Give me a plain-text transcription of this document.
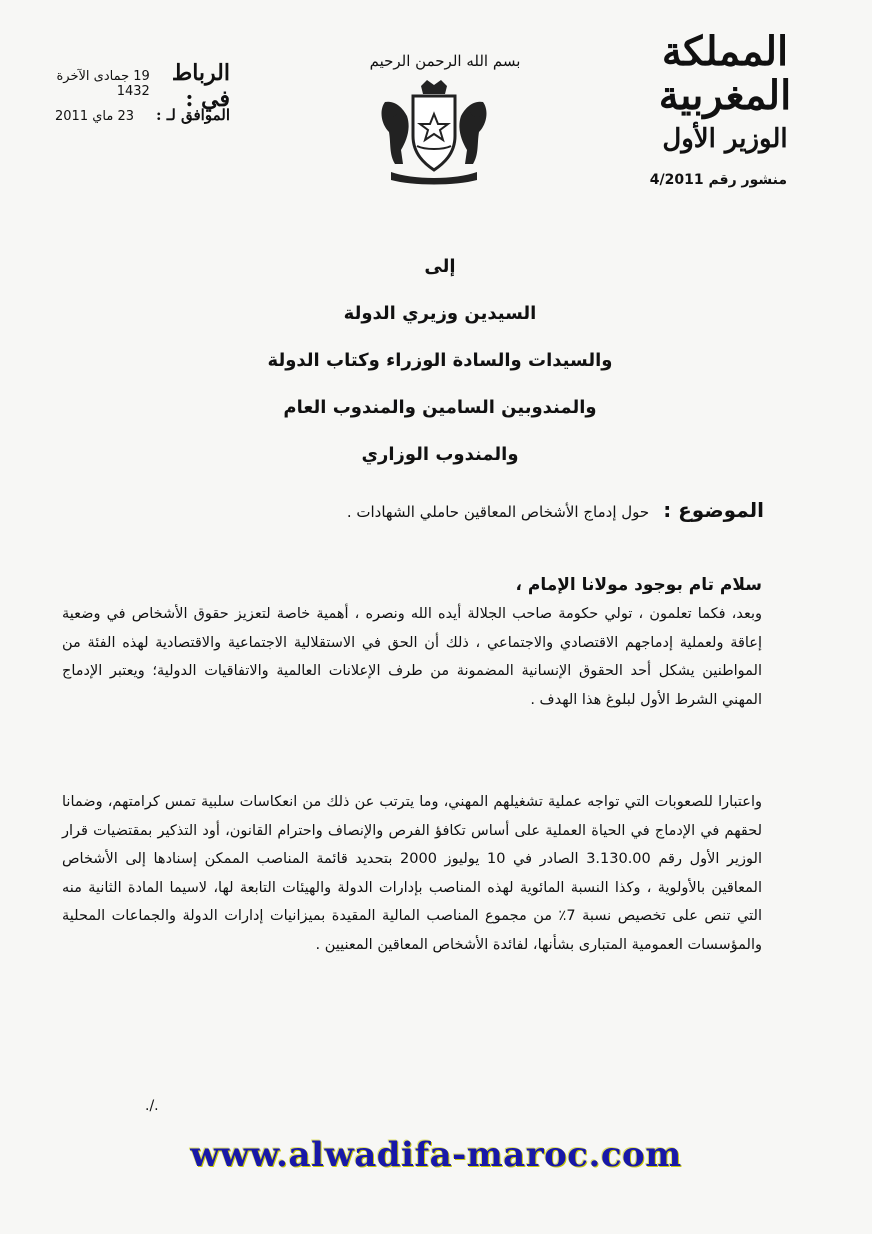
المملكة المغربية
الوزير الأول
بسم الله الرحمن الرحيم
الرباط في :
19 جمادى الآخرة 1432
الموافق لـ :
23 ماي 2011
منشور رقم 4/2011
إلى
السيدين وزيري الدولة
والسيدات والسادة الوزراء وكتاب الدولة
والمندوبين السامين والمندوب العام
والمندوب الوزاري
الموضوع :
حول إدماج الأشخاص المعاقين حاملي الشهادات .
سلام تام بوجود مولانا الإمام ،
وبعد، فكما تعلمون ، تولي حكومة صاحب الجلالة أيده الله ونصره ، أهمية خاصة لتعزيز حقوق الأشخاص في وضعية إعاقة ولعملية إدماجهم الاقتصادي والاجتماعي ، ذلك أن الحق في الاستقلالية الاجتماعية والاقتصادية لهذه الفئة من المواطنين يشكل أحد الحقوق الإنسانية المضمونة من طرف الإعلانات العالمية والاتفاقيات الدولية؛ ويعتبر الإدماج المهني الشرط الأول لبلوغ هذا الهدف .
واعتبارا للصعوبات التي تواجه عملية تشغيلهم المهني، وما يترتب عن ذلك من انعكاسات سلبية تمس كرامتهم، وضمانا لحقهم في الإدماج في الحياة العملية على أساس تكافؤ الفرص والإنصاف واحترام القانون، أود التذكير بمقتضيات قرار الوزير الأول رقم 3.130.00 الصادر في 10 يوليوز 2000 بتحديد قائمة المناصب الممكن إسنادها إلى الأشخاص المعاقين بالأولوية ، وكذا النسبة المائوية لهذه المناصب بإدارات الدولة والهيئات التابعة لها، لاسيما المادة الثانية منه التي تنص على تخصيص نسبة 7٪ من مجموع المناصب المالية المقيدة بميزانيات إدارات الدولة والجماعات المحلية والمؤسسات العمومية المتبارى بشأنها، لفائدة الأشخاص المعاقين المعنيين .
./.
www.alwadifa-maroc.com
